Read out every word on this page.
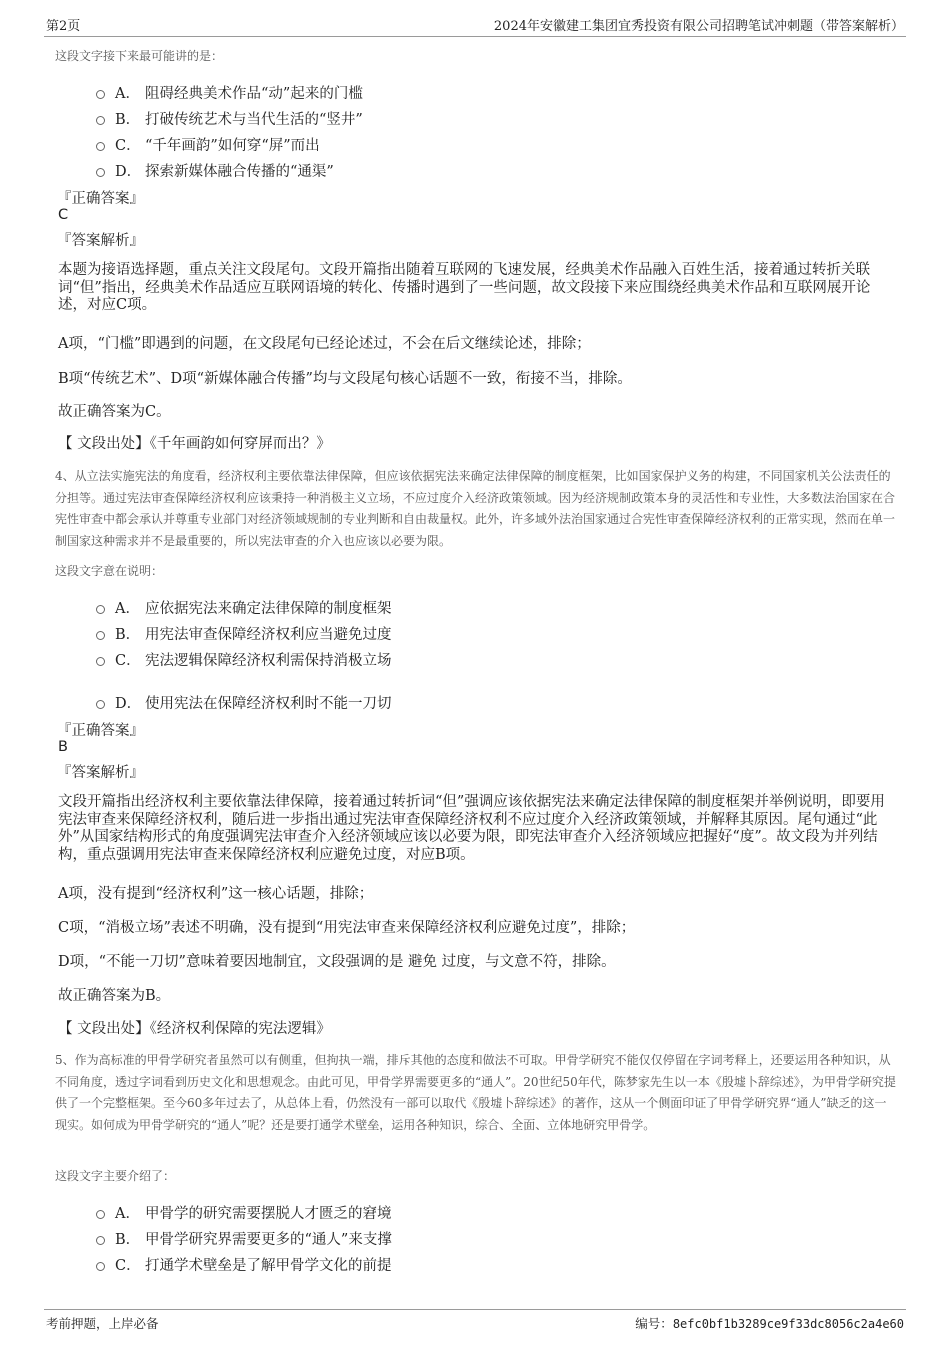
第2页	2024年安徽建工集团宜秀投资有限公司招聘笔试冲刺题（带答案解析）
这段文字接下来最可能讲的是：
A． 阻碍经典美术作品“动”起来的门槛
B． 打破传统艺术与当代生活的“竖井”
C． “千年画韵”如何穿“屏”而出
D． 探索新媒体融合传播的“通渠”
『正确答案』
C
『答案解析』
本题为接语选择题，重点关注文段尾句。文段开篇指出随着互联网的飞速发展，经典美术作品融入百姓生活，接着通过转折关联词“但”指出，经典美术作品适应互联网语境的转化、传播时遇到了一些问题，故文段接下来应围绕经典美术作品和互联网展开论述，对应C项。
A项，“门槛”即遇到的问题，在文段尾句已经论述过，不会在后文继续论述，排除；
B项“传统艺术”、D项“新媒体融合传播”均与文段尾句核心话题不一致，衔接不当，排除。
故正确答案为C。
【 文段出处】《千年画韵如何穿屏而出？》
4、从立法实施宪法的角度看，经济权利主要依靠法律保障，但应该依据宪法来确定法律保障的制度框架，比如国家保护义务的构建，不同国家机关公法责任的分担等。通过宪法审查保障经济权利应该秉持一种消极主义立场，不应过度介入经济政策领域。因为经济规制政策本身的灵活性和专业性，大多数法治国家在合宪性审查中都会承认并尊重专业部门对经济领域规制的专业判断和自由裁量权。此外，许多域外法治国家通过合宪性审查保障经济权利的正常实现，然而在单一制国家这种需求并不是最重要的，所以宪法审查的介入也应该以必要为限。
这段文字意在说明：
A． 应依据宪法来确定法律保障的制度框架
B． 用宪法审查保障经济权利应当避免过度
C． 宪法逻辑保障经济权利需保持消极立场
D． 使用宪法在保障经济权利时不能一刀切
『正确答案』
B
『答案解析』
文段开篇指出经济权利主要依靠法律保障，接着通过转折词“但”强调应该依据宪法来确定法律保障的制度框架并举例说明，即要用宪法审查来保障经济权利，随后进一步指出通过宪法审查保障经济权利不应过度介入经济政策领域，并解释其原因。尾句通过“此外”从国家结构形式的角度强调宪法审查介入经济领域应该以必要为限，即宪法审查介入经济领域应把握好“度”。故文段为并列结构，重点强调用宪法审查来保障经济权利应避免过度，对应B项。
A项，没有提到“经济权利”这一核心话题，排除；
C项，“消极立场”表述不明确，没有提到“用宪法审查来保障经济权利应避免过度”，排除；
D项，“不能一刀切”意味着要因地制宜，文段强调的是 避免 过度，与文意不符，排除。
故正确答案为B。
【 文段出处】《经济权利保障的宪法逻辑》
5、作为高标准的甲骨学研究者虽然可以有侧重，但拘执一端，排斥其他的态度和做法不可取。甲骨学研究不能仅仅停留在字词考释上，还要运用各种知识，从不同角度，透过字词看到历史文化和思想观念。由此可见，甲骨学界需要更多的“通人”。20世纪50年代，陈梦家先生以一本《殷墟卜辞综述》，为甲骨学研究提供了一个完整框架。至今60多年过去了，从总体上看，仍然没有一部可以取代《殷墟卜辞综述》的著作，这从一个侧面印证了甲骨学研究界“通人”缺乏的这一现实。如何成为甲骨学研究的“通人”呢？还是要打通学术壁垒，运用各种知识，综合、全面、立体地研究甲骨学。
这段文字主要介绍了：
A． 甲骨学的研究需要摆脱人才匮乏的窘境
B． 甲骨学研究界需要更多的“通人”来支撑
C． 打通学术壁垒是了解甲骨学文化的前提
考前押题，上岸必备	编号：8efc0bf1b3289ce9f33dc8056c2a4e60
